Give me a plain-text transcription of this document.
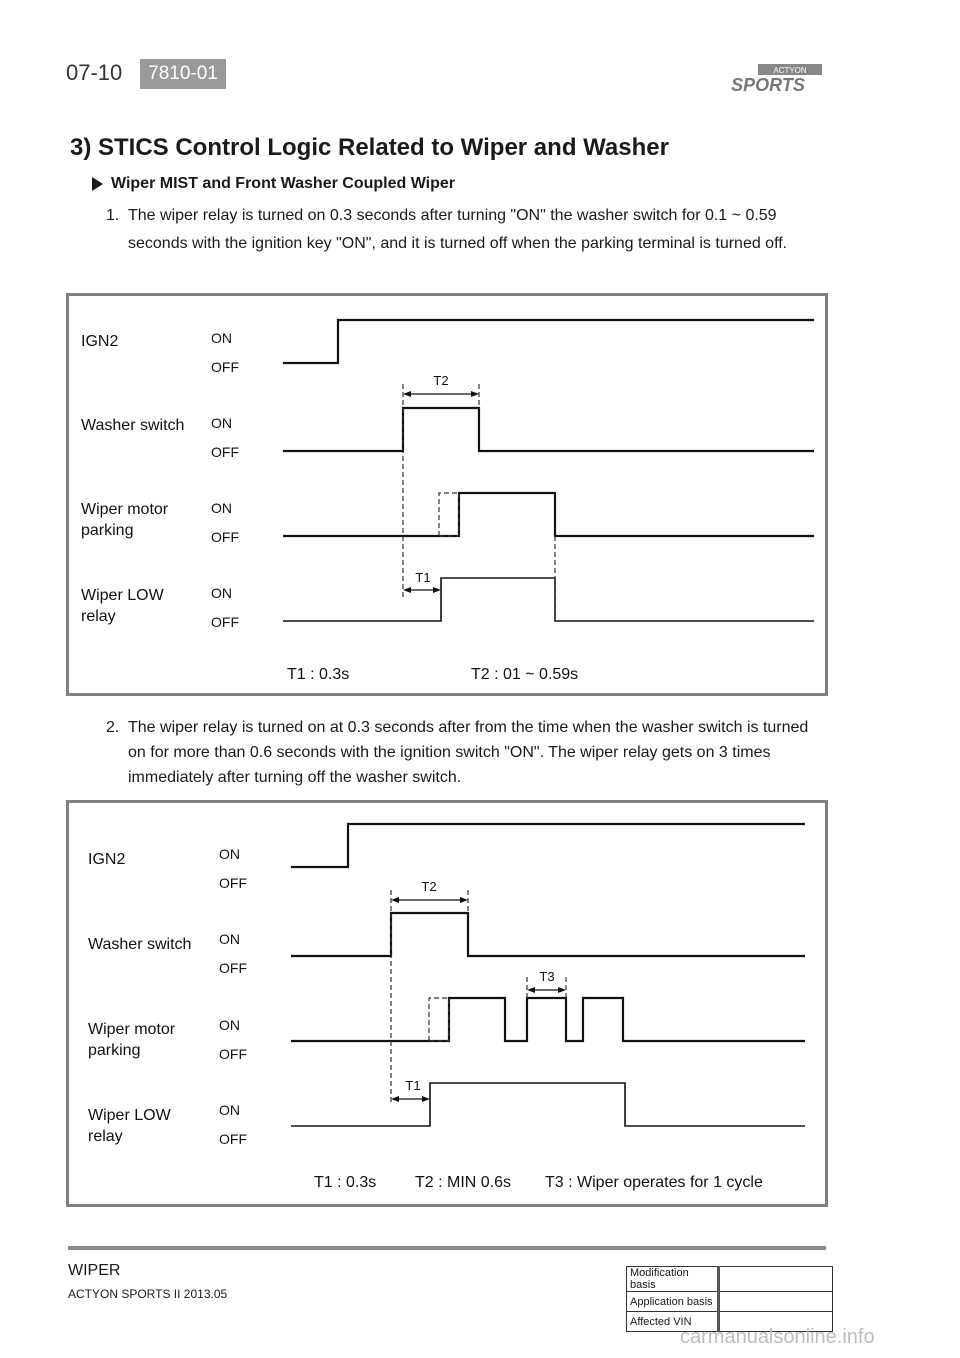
07-10	7810-01	ACTYON
SPORTS
3) STICS Control Logic Related to Wiper and Washer
Wiper MIST and Front Washer Coupled Wiper
1. The wiper relay is turned on 0.3 seconds after turning "ON" the washer switch for 0.1 ~ 0.59
seconds with the ignition key "ON", and it is turned off when the parking terminal is turned off.
IGN2
Washer switch
Wiper motor
parking
Wiper LOW
relay
ON
OFF
ON
OFF
ON
OFF
ON
OFF
T2
T1
T1 : 0.3s	T2 : 01 ~ 0.59s
2. The wiper relay is turned on at 0.3 seconds after from the time when the washer switch is turned
on for more than 0.6 seconds with the ignition switch "ON". The wiper relay gets on 3 times
immediately after turning off the washer switch.
IGN2
Washer switch
Wiper motor
parking
Wiper LOW
relay
ON
OFF
ON
OFF
ON
OFF
ON
OFF
T2
T3
T1
T1 : 0.3s T2 : MIN 0.6s T3 : Wiper operates for 1 cycle
WIPER
ACTYON SPORTS II 2013.05
Modification basis	
Application basis	
Affected VIN	
carmanualsonline.info
